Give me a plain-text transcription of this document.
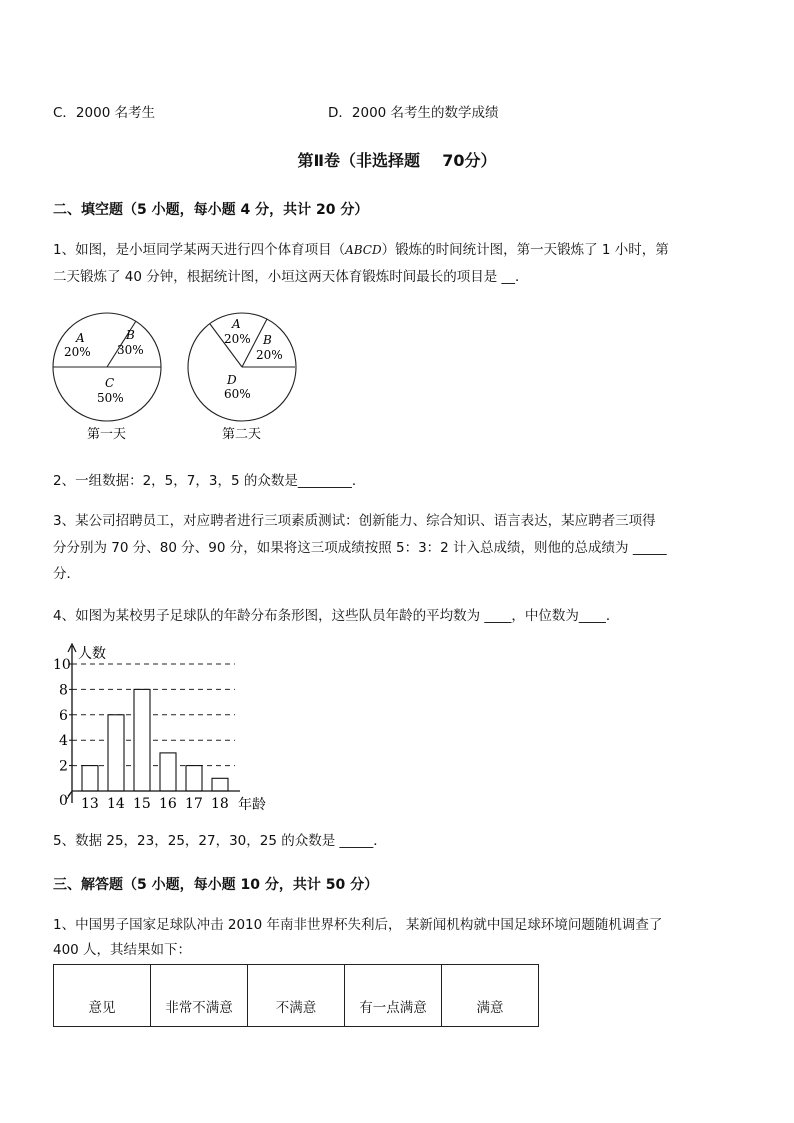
C．2000 名考生	D．2000 名考生的数学成绩
第Ⅱ卷（非选择题    70分）
二、填空题（5 小题，每小题 4 分，共计 20 分）
1、如图，是小垣同学某两天进行四个体育项目（ABCD）锻炼的时间统计图，第一天锻炼了 1 小时，第
二天锻炼了 40 分钟，根据统计图，小垣这两天体育锻炼时间最长的项目是 __．
A
20%
B
30%
C
50%
第一天
A
20% B
20%
D
60%
第二天
2、一组数据：2，5，7，3，5 的众数是________．
3、某公司招聘员工，对应聘者进行三项素质测试：创新能力、综合知识、语言表达，某应聘者三项得
分分别为 70 分、80 分、90 分，如果将这三项成绩按照 5：3：2 计入总成绩，则他的总成绩为 _____
分．
4、如图为某校男子足球队的年龄分布条形图，这些队员年龄的平均数为 ____，中位数为____．
0
2
4
6
8
10
13 14 15 16 17 18
人数
年龄
5、数据 25，23，25，27，30，25 的众数是 _____．
三、解答题（5 小题，每小题 10 分，共计 50 分）
1、中国男子国家足球队冲击 2010 年南非世界杯失利后， 某新闻机构就中国足球环境问题随机调查了
400 人，其结果如下：
意见	非常不满意	不满意	有一点满意	满意
